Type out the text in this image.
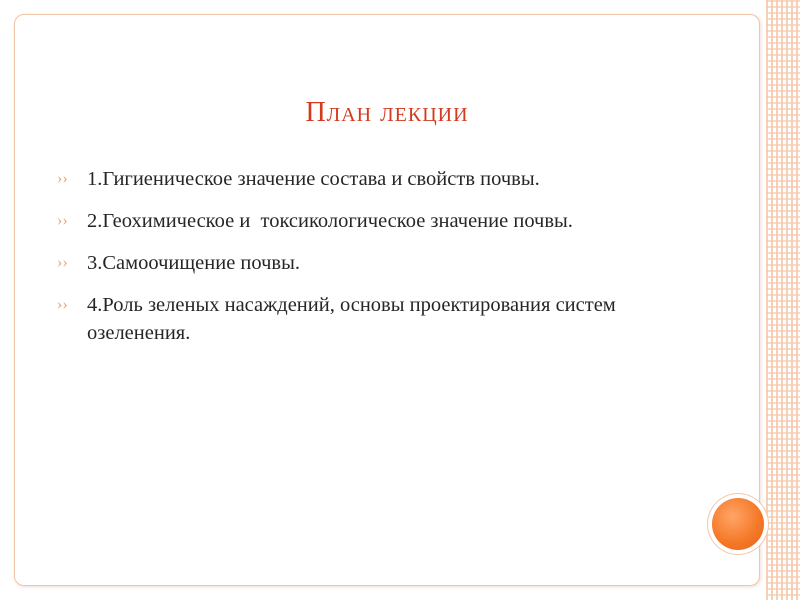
План лекции
›› 1.Гигиеническое значение состава и свойств почвы.
›› 2.Геохимическое и  токсикологическое значение почвы.
›› 3.Самоочищение почвы.
›› 4.Роль зеленых насаждений, основы проектирования систем озеленения.
